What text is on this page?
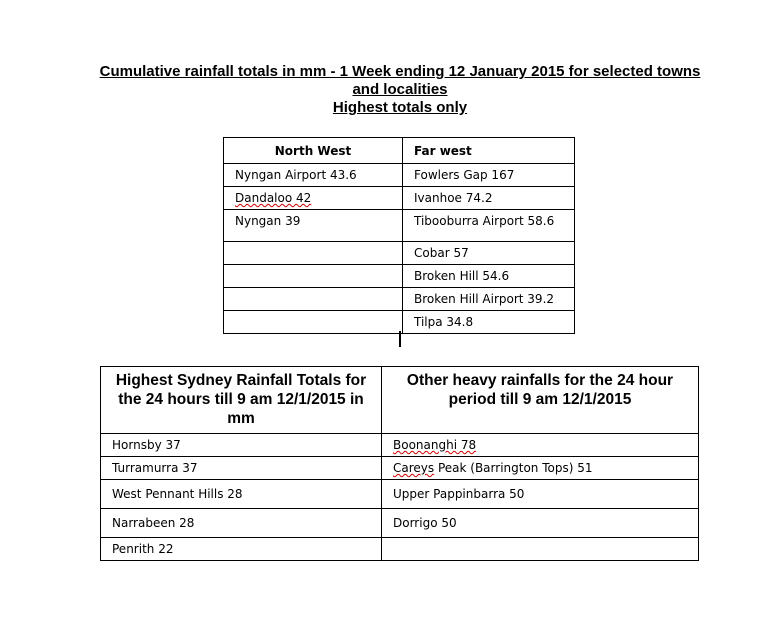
Cumulative rainfall totals in mm - 1 Week ending 12 January 2015 for selected towns
and localities
Highest totals only
North West	Far west
Nyngan Airport 43.6	Fowlers Gap 167
Dandaloo 42	Ivanhoe 74.2
Nyngan 39	Tibooburra Airport 58.6
	Cobar 57
	Broken Hill 54.6
	Broken Hill Airport 39.2
	Tilpa 34.8
Highest Sydney Rainfall Totals for the 24 hours till 9 am 12/1/2015 in mm	Other heavy rainfalls for the 24 hour period till 9 am 12/1/2015
Hornsby 37	Boonanghi 78
Turramurra 37	Careys Peak (Barrington Tops) 51
West Pennant Hills 28	Upper Pappinbarra 50
Narrabeen 28	Dorrigo 50
Penrith 22	
